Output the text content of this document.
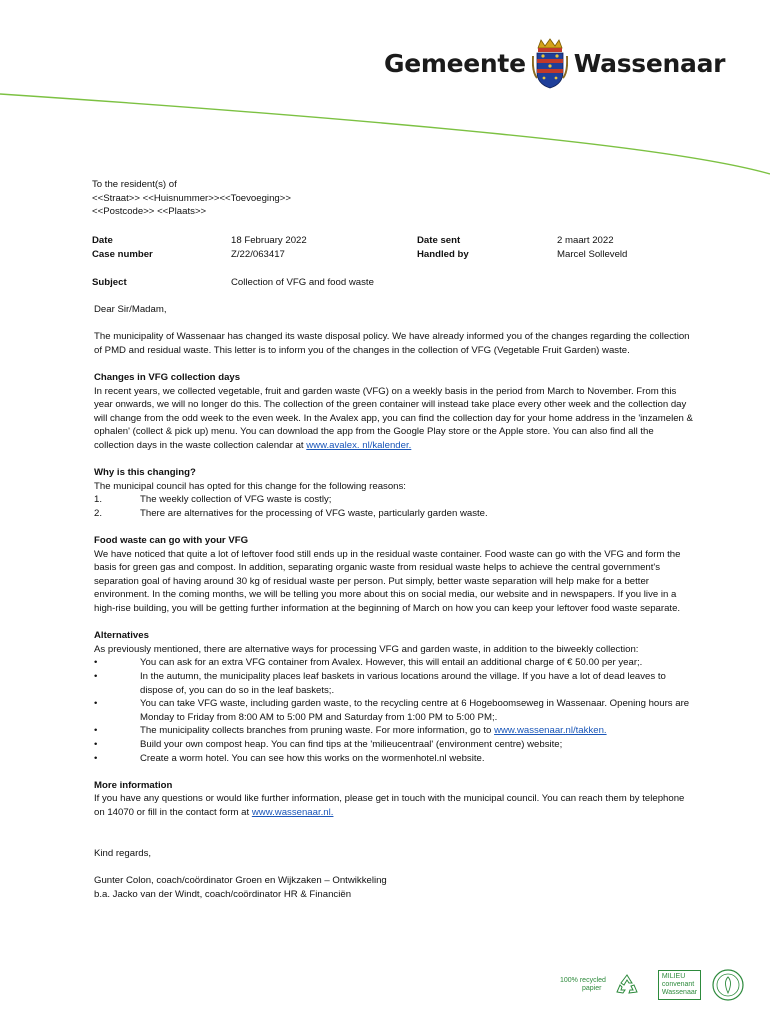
Gemeente Wassenaar
To the resident(s) of
<<Straat>> <<Huisnummer>><<Toevoeging>>
<<Postcode>> <<Plaats>>
Date	18 February 2022	Date sent	2 maart 2022
Case number	Z/22/063417	Handled by	Marcel Solleveld
Subject	Collection of VFG and food waste

Dear Sir/Madam,

The municipality of Wassenaar has changed its waste disposal policy. We have already informed you of the changes regarding the collection of PMD and residual waste. This letter is to inform you of the changes in the collection of VFG (Vegetable Fruit Garden) waste.

Changes in VFG collection days

In recent years, we collected vegetable, fruit and garden waste (VFG) on a weekly basis in the period from March to November. From this year onwards, we will no longer do this. The collection of the green container will instead take place every other week and the collection day will change from the odd week to the even week. In the Avalex app, you can find the collection day for your home address in the 'inzamelen & ophalen' (collect & pick up) menu. You can download the app from the Google Play store or the Apple store. You can also find all the collection days in the waste collection calendar at www.avalex. nl/kalender.

Why is this changing?

The municipal council has opted for this change for the following reasons:

1.	The weekly collection of VFG waste is costly;
2.	There are alternatives for the processing of VFG waste, particularly garden waste.

Food waste can go with your VFG

We have noticed that quite a lot of leftover food still ends up in the residual waste container. Food waste can go with the VFG and form the basis for green gas and compost. In addition, separating organic waste from residual waste helps to achieve the central government's separation goal of having around 30 kg of residual waste per person. Put simply, better waste separation will help make for a better environment. In the coming months, we will be telling you more about this on social media, our website and in newspapers. If you live in a high-rise building, you will be getting further information at the beginning of March on how you can keep your leftover food waste separate.

Alternatives

As previously mentioned, there are alternative ways for processing VFG and garden waste, in addition to the biweekly collection:

•	You can ask for an extra VFG container from Avalex. However, this will entail an additional charge of € 50.00 per year;.
•	In the autumn, the municipality places leaf baskets in various locations around the village. If you have a lot of dead leaves to dispose of, you can do so in the leaf baskets;.
•	You can take VFG waste, including garden waste, to the recycling centre at 6 Hogeboomseweg in Wassenaar. Opening hours are Monday to Friday from 8:00 AM to 5:00 PM and Saturday from 1:00 PM to 5:00 PM;.
•	The municipality collects branches from pruning waste. For more information, go to www.wassenaar.nl/takken.
•	Build your own compost heap. You can find tips at the 'milieucentraal' (environment centre) website;
•	Create a worm hotel. You can see how this works on the wormenhotel.nl website.

More information

If you have any questions or would like further information, please get in touch with the municipal council. You can reach them by telephone on 14070 or fill in the contact form at www.wassenaar.nl.

Kind regards,

Gunter Colon, coach/coördinator Groen en Wijkzaken – Ontwikkeling

b.a. Jacko van der Windt, coach/coördinator HR & Financiën

100% recycled
papier
MILIEU
convenant
Wassenaar
